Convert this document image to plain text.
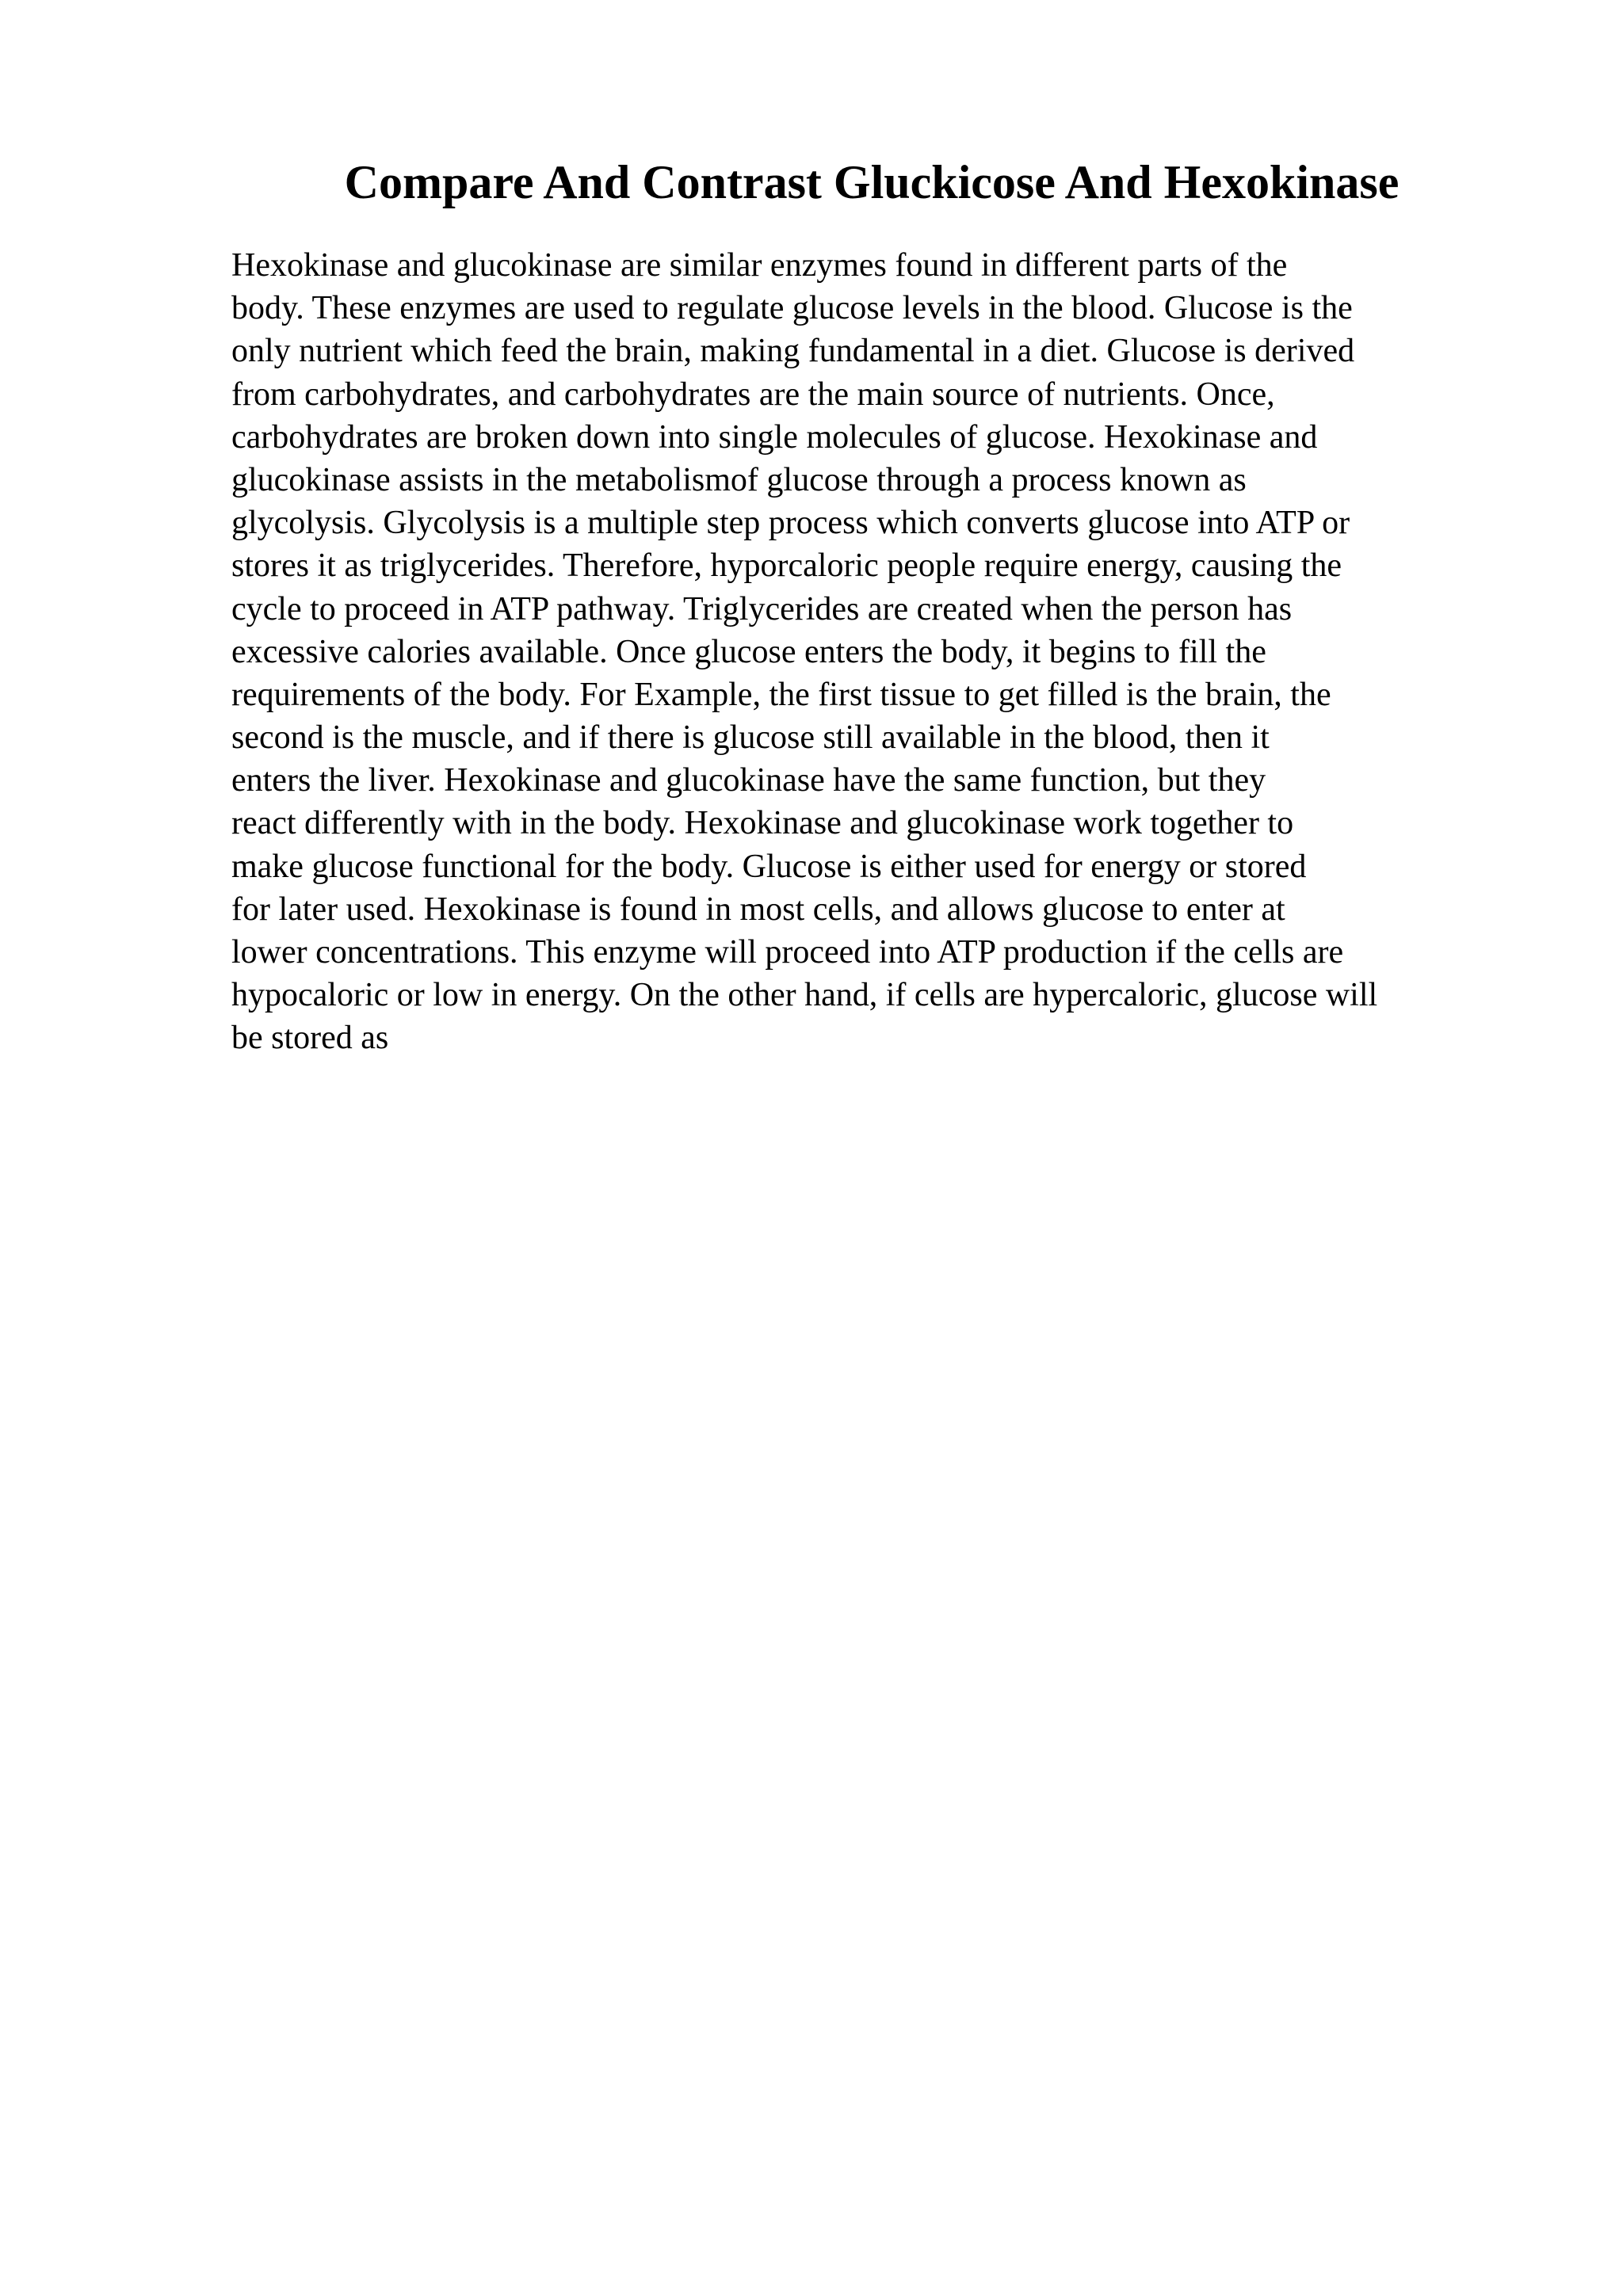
Compare And Contrast Gluckicose And Hexokinase
Hexokinase and glucokinase are similar enzymes found in different parts of the
body. These enzymes are used to regulate glucose levels in the blood. Glucose is the
only nutrient which feed the brain, making fundamental in a diet. Glucose is derived
from carbohydrates, and carbohydrates are the main source of nutrients. Once,
carbohydrates are broken down into single molecules of glucose. Hexokinase and
glucokinase assists in the metabolismof glucose through a process known as
glycolysis. Glycolysis is a multiple step process which converts glucose into ATP or
stores it as triglycerides. Therefore, hyporcaloric people require energy, causing the
cycle to proceed in ATP pathway. Triglycerides are created when the person has
excessive calories available. Once glucose enters the body, it begins to fill the
requirements of the body. For Example, the first tissue to get filled is the brain, the
second is the muscle, and if there is glucose still available in the blood, then it
enters the liver. Hexokinase and glucokinase have the same function, but they
react differently with in the body. Hexokinase and glucokinase work together to
make glucose functional for the body. Glucose is either used for energy or stored
for later used. Hexokinase is found in most cells, and allows glucose to enter at
lower concentrations. This enzyme will proceed into ATP production if the cells are
hypocaloric or low in energy. On the other hand, if cells are hypercaloric, glucose will
be stored as
